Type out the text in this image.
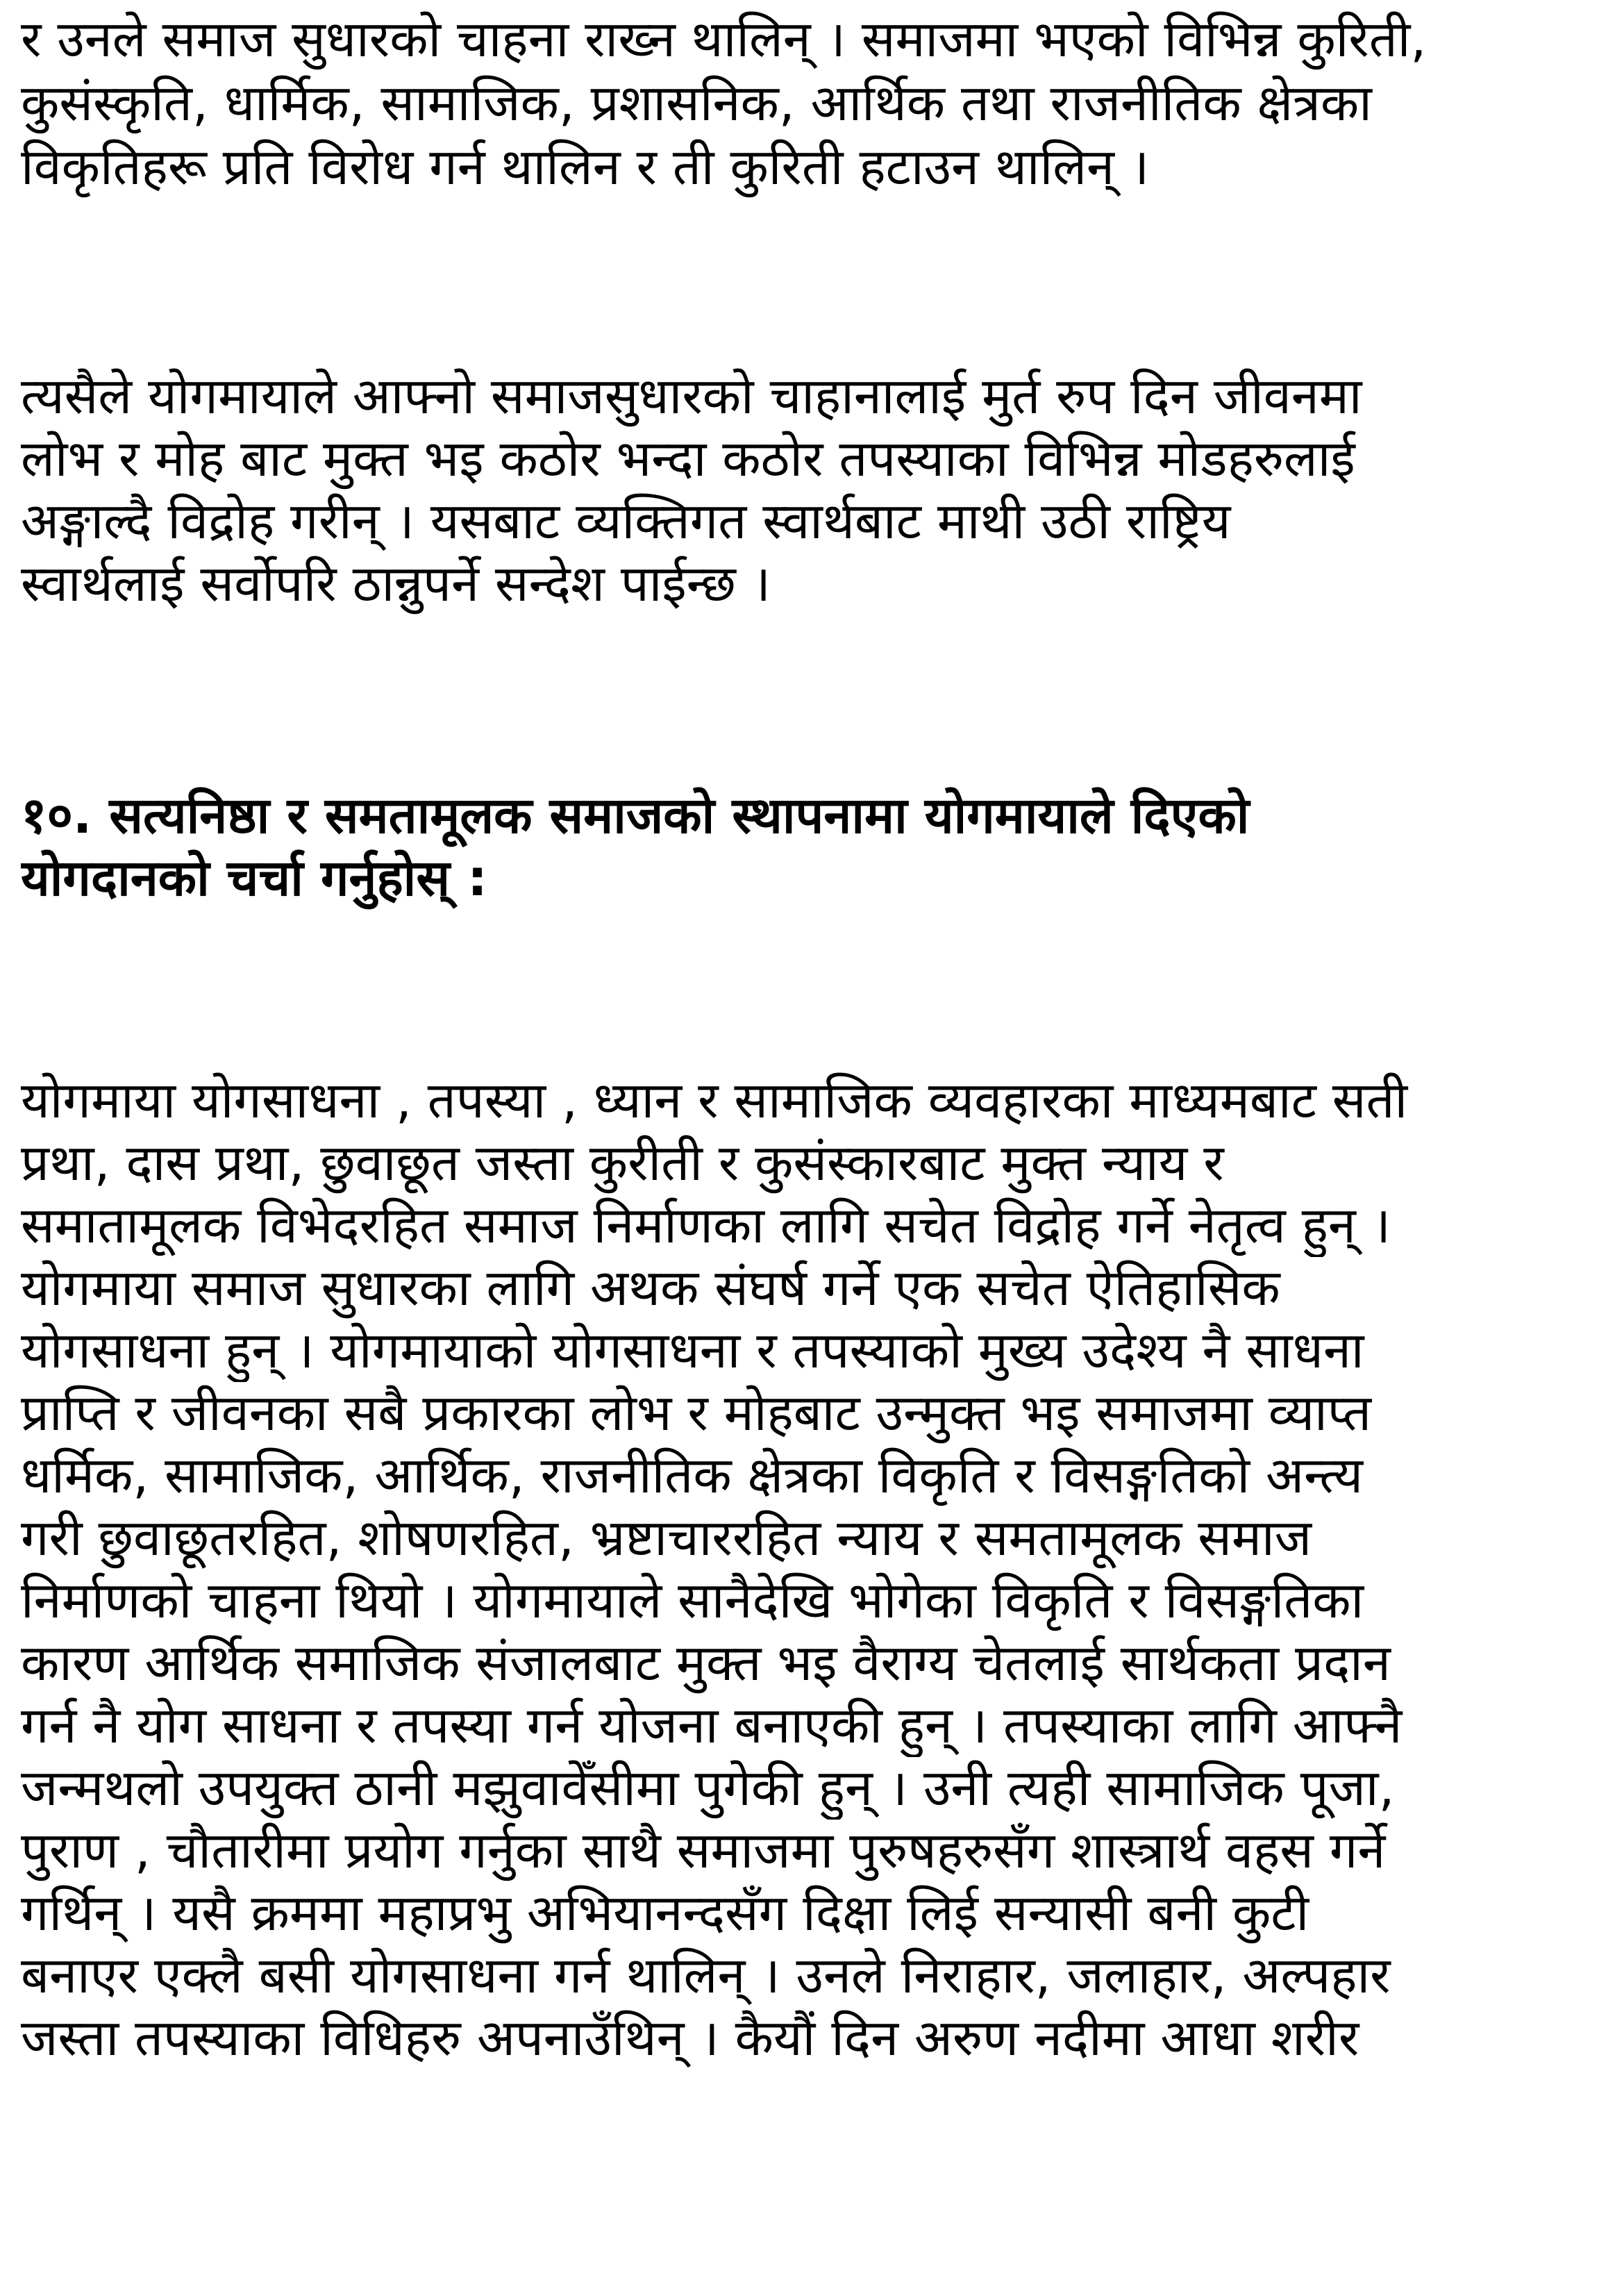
र उनले समाज सुधारको चाहना राख्न थालिन् । समाजमा भएको विभिन्न कुरिती,
कुसंस्कृति, धार्मिक, सामाजिक, प्रशासनिक, आर्थिक तथा राजनीतिक क्षेत्रका
विकृतिहरू प्रति विरोध गर्न थालिन र ती कुरिती हटाउन थालिन् ।
त्यसैले योगमायाले आफ्नो समाजसुधारको चाहानालाई मुर्त रुप दिन जीवनमा
लोभ र मोह बाट मुक्त भइ कठोर भन्दा कठोर तपस्याका विभिन्न मोडहरुलाई
अङ्गाल्दै विद्रोह गरीन् । यसबाट व्यक्तिगत स्वार्थबाट माथी उठी राष्ट्रिय
स्वार्थलाई सर्वोपरि ठान्नुपर्ने सन्देश पाईन्छ ।
१०. सत्यनिष्ठा र समतामूलक समाजको स्थापनामा योगमायाले दिएको
योगदानको चर्चा गर्नुहोस् :
योगमाया योगसाधना , तपस्या , ध्यान र सामाजिक व्यवहारका माध्यमबाट सती
प्रथा, दास प्रथा, छुवाछूत जस्ता कुरीती र कुसंस्कारबाट मुक्त न्याय र
समातामूलक विभेदरहित समाज निर्माणका लागि सचेत विद्रोह गर्ने नेतृत्व हुन् ।
योगमाया समाज सुधारका लागि अथक संघर्ष गर्ने एक सचेत ऐतिहासिक
योगसाधना हुन् । योगमायाको योगसाधना र तपस्याको मुख्य उदेश्य नै साधना
प्राप्ति र जीवनका सबै प्रकारका लोभ र मोहबाट उन्मुक्त भइ समाजमा व्याप्त
धर्मिक, सामाजिक, आर्थिक, राजनीतिक क्षेत्रका विकृति र विसङ्गतिको अन्त्य
गरी छुवाछूतरहित, शोषणरहित, भ्रष्टाचाररहित न्याय र समतामूलक समाज
निर्माणको चाहना थियो । योगमायाले सानैदेखि भोगेका विकृति र विसङ्गतिका
कारण आर्थिक समाजिक संजालबाट मुक्त भइ वैराग्य चेतलाई सार्थकता प्रदान
गर्न नै योग साधना र तपस्या गर्न योजना बनाएकी हुन् । तपस्याका लागि आफ्नै
जन्मथलो उपयुक्त ठानी मझुवावेँसीमा पुगेकी हुन् । उनी त्यही सामाजिक पूजा,
पुराण , चौतारीमा प्रयोग गर्नुका साथै समाजमा पुरुषहरुसँग शास्त्रार्थ वहस गर्ने
गर्थिन् । यसै क्रममा महाप्रभु अभियानन्दसँग दिक्षा लिई सन्यासी बनी कुटी
बनाएर एक्लै बसी योगसाधना गर्न थालिन् । उनले निराहार, जलाहार, अल्पहार
जस्ता तपस्याका विधिहरु अपनाउँथिन् । कैयौं दिन अरुण नदीमा आधा शरीर
